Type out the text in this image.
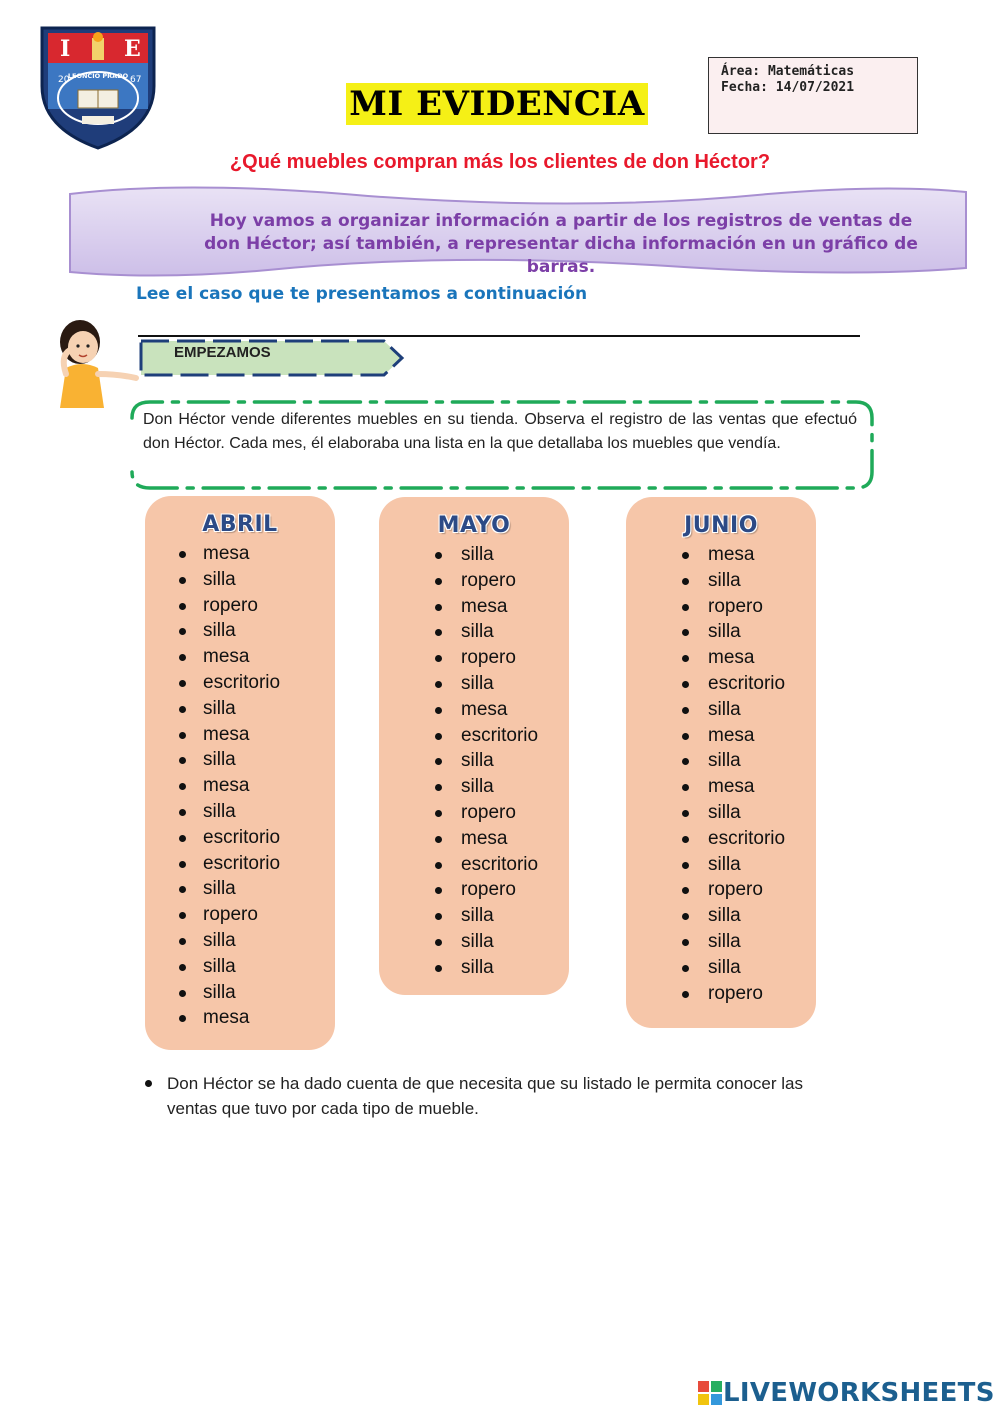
I E
20	67
LEONCIO PRADO
MI EVIDENCIA
Área: Matemáticas
Fecha: 14/07/2021
¿Qué muebles compran más los clientes de don Héctor?
Hoy vamos a organizar información a partir de los registros de ventas de don Héctor; así también, a representar dicha información en un gráfico de barras.
Lee el caso que te presentamos a continuación
EMPEZAMOS
Don Héctor vende diferentes muebles en su tienda. Observa el registro de las ventas que efectuó don Héctor. Cada mes, él elaboraba una lista en la que detallaba los muebles que vendía.
ABRIL
mesa
silla
ropero
silla
mesa
escritorio
silla
mesa
silla
mesa
silla
escritorio
escritorio
silla
ropero
silla
silla
silla
mesa
MAYO
silla
ropero
mesa
silla
ropero
silla
mesa
escritorio
silla
silla
ropero
mesa
escritorio
ropero
silla
silla
silla
JUNIO
mesa
silla
ropero
silla
mesa
escritorio
silla
mesa
silla
mesa
silla
escritorio
silla
ropero
silla
silla
silla
ropero
Don Héctor se ha dado cuenta de que necesita que su listado le permita conocer las ventas que tuvo por cada tipo de mueble.
LIVEWORKSHEETS
